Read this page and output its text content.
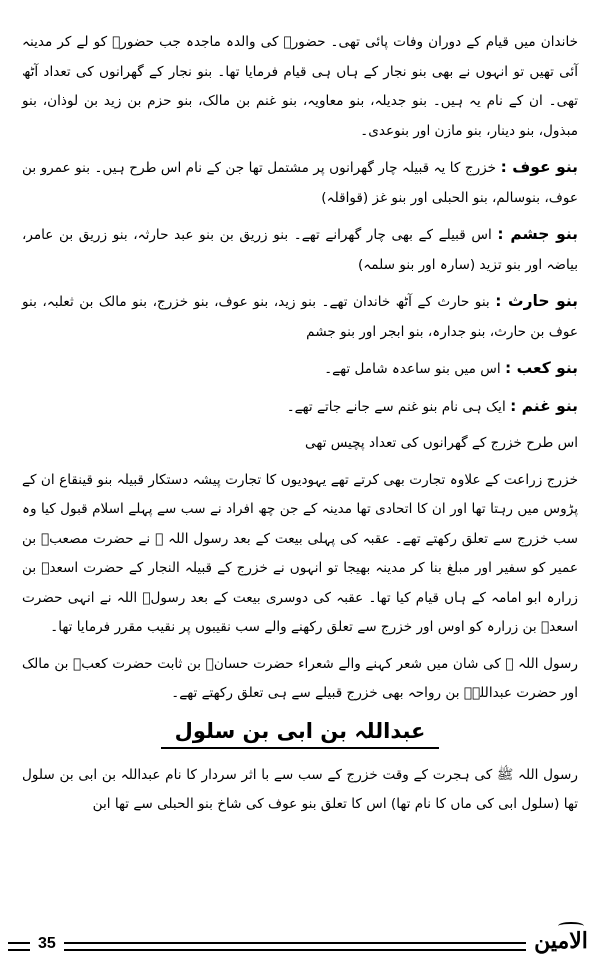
خاندان میں قیام کے دوران وفات پائی تھی۔ حضورؐ کی والدہ ماجدہ جب حضورؐ کو لے کر مدینہ آئی تھیں تو انہوں نے بھی بنو نجار کے ہاں ہی قیام فرمایا تھا۔ بنو نجار کے گھرانوں کی تعداد آٹھ تھی۔ ان کے نام یہ ہیں۔ بنو جدیلہ، بنو معاویہ، بنو غنم بن مالک، بنو حزم بن زید بن لوذان، بنو مبذول، بنو دینار، بنو مازن اور بنوعدی۔

بنو عوف : خزرج کا یہ قبیلہ چار گھرانوں پر مشتمل تھا جن کے نام اس طرح ہیں۔ بنو عمرو بن عوف، بنوسالم، بنو الحبلی اور بنو غز (قواقلہ)

بنو جشم : اس قبیلے کے بھی چار گھرانے تھے۔ بنو زریق بن بنو عبد حارثہ، بنو زریق بن عامر، بیاضہ اور بنو تزید (سارہ اور بنو سلمہ)

بنو حارث : بنو حارث کے آٹھ خاندان تھے۔ بنو زید، بنو عوف، بنو خزرج، بنو مالک بن ثعلبہ، بنو عوف بن حارث، بنو جدارہ، بنو ابجر اور بنو جشم

بنو کعب : اس میں بنو ساعدہ شامل تھے۔

بنو غنم : ایک ہی نام بنو غنم سے جانے جاتے تھے۔

اس طرح خزرج کے گھرانوں کی تعداد پچیس تھی

خزرج زراعت کے علاوہ تجارت بھی کرتے تھے یہودیوں کا تجارت پیشہ دستکار قبیلہ بنو قینقاع ان کے پڑوس میں رہتا تھا اور ان کا اتحادی تھا مدینہ کے جن چھ افراد نے سب سے پہلے اسلام قبول کیا وہ سب خزرج سے تعلق رکھتے تھے۔ عقبہ کی پہلی بیعت کے بعد رسول اللہ ﷺ نے حضرت مصعبؓ بن عمیر کو سفیر اور مبلغ بنا کر مدینہ بھیجا تو انہوں نے خزرج کے قبیلہ النجار کے حضرت اسعدؓ بن زرارہ ابو امامہ کے ہاں قیام کیا تھا۔ عقبہ کی دوسری بیعت کے بعد رسولؐ اللہ نے انہی حضرت اسعدؓ بن زرارہ کو اوس اور خزرج سے تعلق رکھنے والے سب نقیبوں پر نقیب مقرر فرمایا تھا۔

رسول اللہ ﷺ کی شان میں شعر کہنے والے شعراء حضرت حسانؓ بن ثابت حضرت کعبؓ بن مالک اور حضرت عبداللہؓ بن رواحہ بھی خزرج قبیلے سے ہی تعلق رکھتے تھے۔

عبداللہ بن ابی بن سلول

رسول اللہ ﷺ کی ہجرت کے وقت خزرج کے سب سے با اثر سردار کا نام عبداللہ بن ابی بن سلول تھا (سلول ابی کی ماں کا نام تھا) اس کا تعلق بنو عوف کی شاخ بنو الحبلی سے تھا ابن

35	الامین
